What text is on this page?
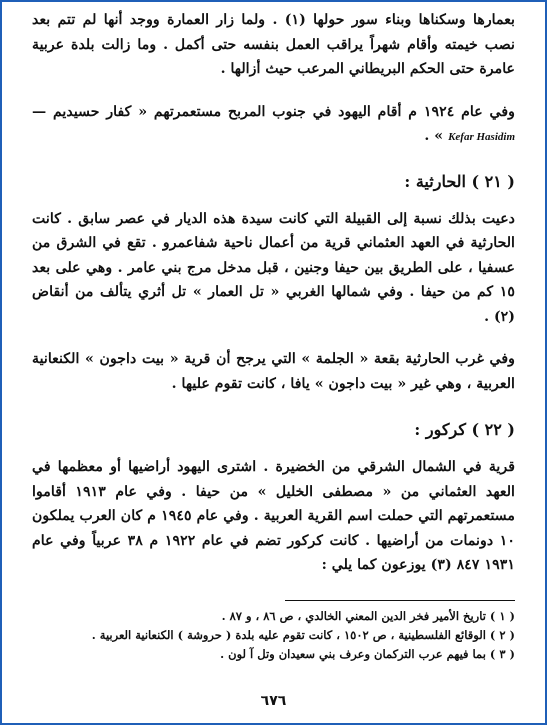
بعمارها وسكناها وبناء سور حولها (١) . ولما زار العمارة ووجد أنها لم تتم بعد نصب خيمته وأقام شهراً يراقب العمل بنفسه حتى أكمل . وما زالت بلدة عربية عامرة حتى الحكم البريطاني المرعب حيث أزالها .

وفي عام ١٩٢٤ م أقام اليهود في جنوب المربح مستعمرتهم « كفار حسيديم — Kefar Hasidim » .

( ٢١ ) الحارثية :

دعيت بذلك نسبة إلى القبيلة التي كانت سيدة هذه الديار في عصر سابق . كانت الحارثية في العهد العثماني قرية من أعمال ناحية شفاعمرو . تقع في الشرق من عسفيا ، على الطريق بين حيفا وجنين ، قبل مدخل مرج بني عامر . وهي على بعد ١٥ كم من حيفا . وفي شمالها الغربي « تل العمار » تل أثري يتألف من أنقاض (٢) .

وفي غرب الحارثية بقعة « الجلمة » التي يرجح أن قرية « بيت داجون » الكنعانية العربية ، وهي غير « بيت داجون » يافا ، كانت تقوم عليها .

( ٢٢ ) كركور :

قرية في الشمال الشرقي من الخضيرة . اشترى اليهود أراضيها أو معظمها في العهد العثماني من « مصطفى الخليل » من حيفا . وفي عام ١٩١٣ أقاموا مستعمرتهم التي حملت اسم القرية العربية . وفي عام ١٩٤٥ م كان العرب يملكون ١٠ دونمات من أراضيها . كانت كركور تضم في عام ١٩٢٢ م ٣٨ عربياً وفي عام ١٩٣١ ٨٤٧ (٣) يوزعون كما يلي :

( ١ ) تاريخ الأمير فخر الدين المعني الخالدي ، ص ٨٦ ، و ٨٧ .
( ٢ ) الوقائع الفلسطينية ، ص ١٥٠٢ ، كانت تقوم عليه بلدة ( حروشة ) الكنعانية العربية .
( ٣ ) بما فيهم عرب التركمان وعرف بني سعيدان وتل آ لون .
٦٧٦
